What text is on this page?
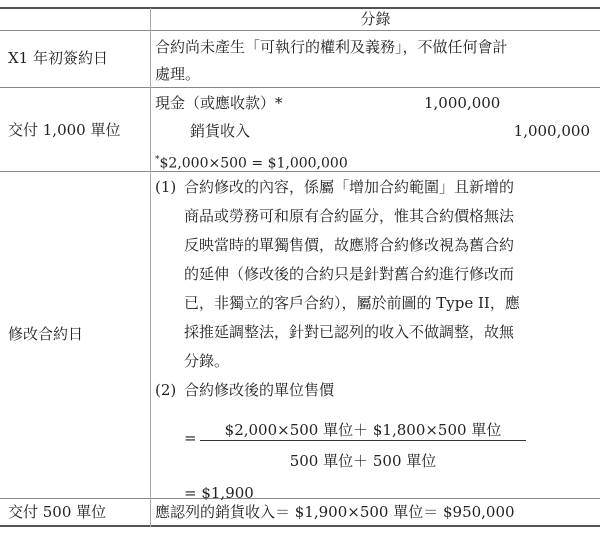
分錄
X1 年初簽約日
合約尚未產生「可執行的權利及義務」，不做任何會計
處理。
交付 1,000 單位
現金（或應收款）*	1,000,000
銷貨收入	1,000,000
*$2,000×500 = $1,000,000
修改合約日
(1) 合約修改的內容，係屬「增加合約範圍」且新增的
商品或勞務可和原有合約區分，惟其合約價格無法
反映當時的單獨售價，故應將合約修改視為舊合約
的延伸（修改後的合約只是針對舊合約進行修改而
已，非獨立的客戶合約），屬於前圖的 Type II，應
採推延調整法，針對已認列的收入不做調整，故無
分錄。
(2) 合約修改後的單位售價
=	$2,000×500 單位＋ $1,800×500 單位
500 單位＋ 500 單位
= $1,900
交付 500 單位	應認列的銷貨收入＝ $1,900×500 單位＝ $950,000
